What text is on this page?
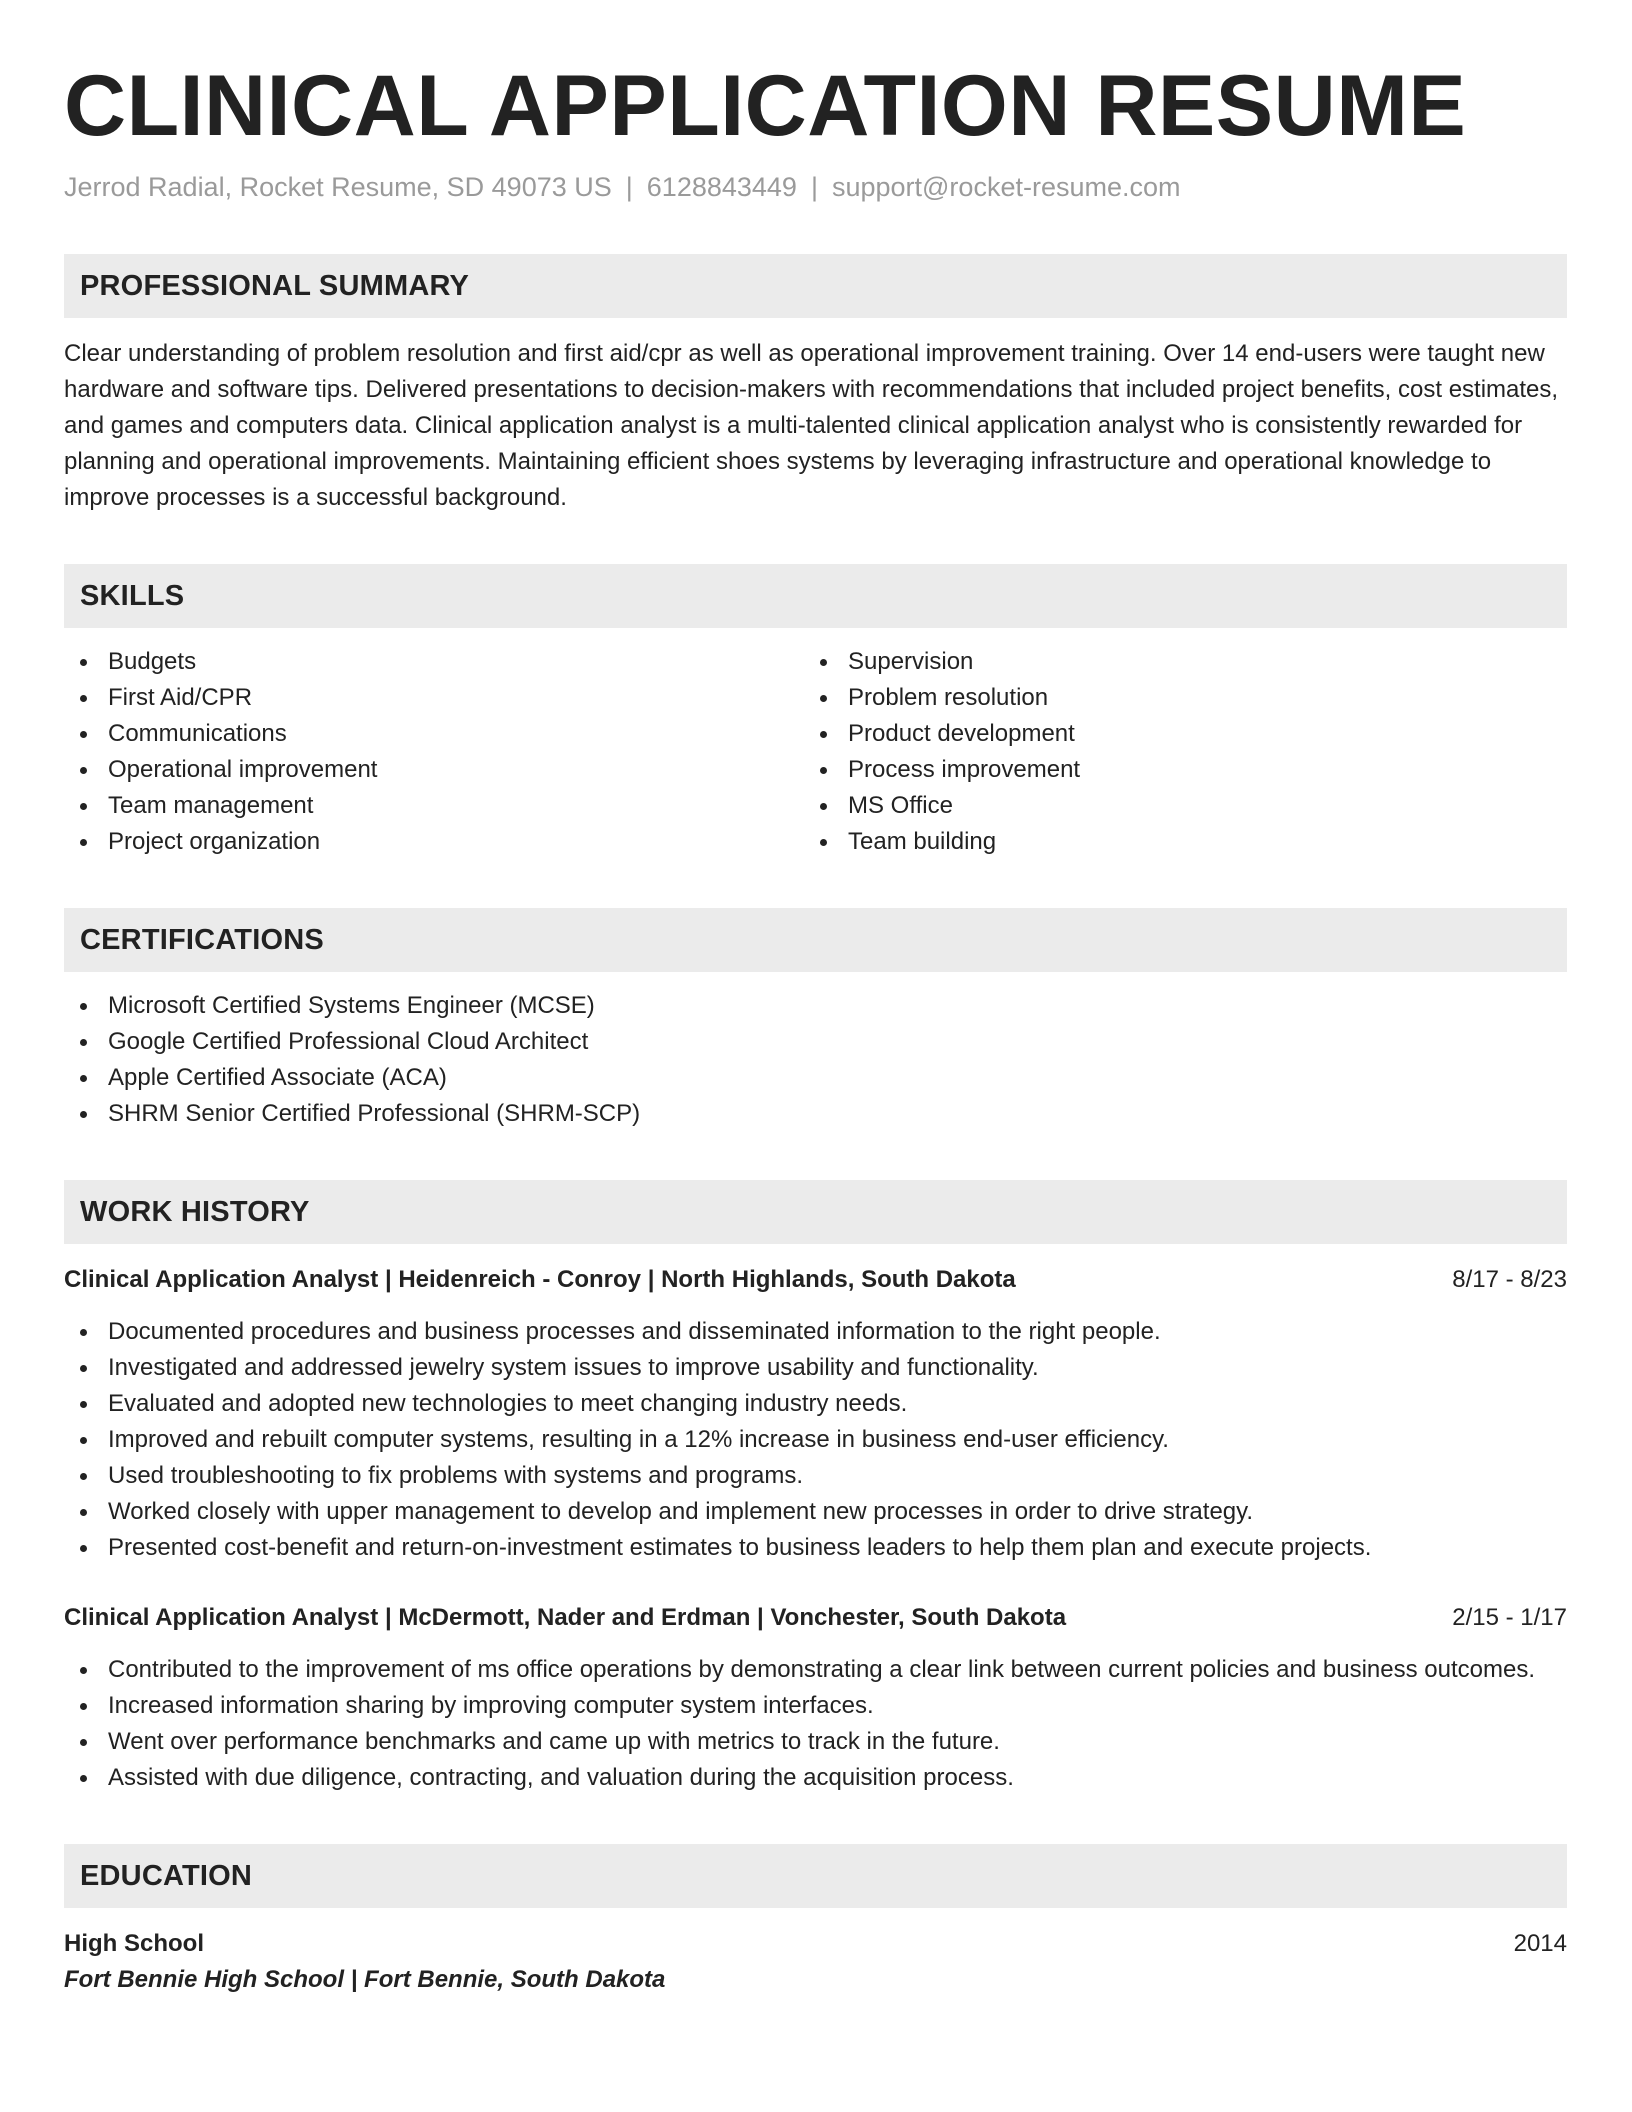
CLINICAL APPLICATION RESUME
Jerrod Radial, Rocket Resume, SD 49073 US | 6128843449 | support@rocket-resume.com
PROFESSIONAL SUMMARY
Clear understanding of problem resolution and first aid/cpr as well as operational improvement training. Over 14 end-users were taught new hardware and software tips. Delivered presentations to decision-makers with recommendations that included project benefits, cost estimates, and games and computers data. Clinical application analyst is a multi-talented clinical application analyst who is consistently rewarded for planning and operational improvements. Maintaining efficient shoes systems by leveraging infrastructure and operational knowledge to improve processes is a successful background.
SKILLS
Budgets
First Aid/CPR
Communications
Operational improvement
Team management
Project organization
Supervision
Problem resolution
Product development
Process improvement
MS Office
Team building
CERTIFICATIONS
Microsoft Certified Systems Engineer (MCSE)
Google Certified Professional Cloud Architect
Apple Certified Associate (ACA)
SHRM Senior Certified Professional (SHRM-SCP)
WORK HISTORY
Clinical Application Analyst | Heidenreich - Conroy | North Highlands, South Dakota	8/17 - 8/23
Documented procedures and business processes and disseminated information to the right people.
Investigated and addressed jewelry system issues to improve usability and functionality.
Evaluated and adopted new technologies to meet changing industry needs.
Improved and rebuilt computer systems, resulting in a 12% increase in business end-user efficiency.
Used troubleshooting to fix problems with systems and programs.
Worked closely with upper management to develop and implement new processes in order to drive strategy.
Presented cost-benefit and return-on-investment estimates to business leaders to help them plan and execute projects.
Clinical Application Analyst | McDermott, Nader and Erdman | Vonchester, South Dakota	2/15 - 1/17
Contributed to the improvement of ms office operations by demonstrating a clear link between current policies and business outcomes.
Increased information sharing by improving computer system interfaces.
Went over performance benchmarks and came up with metrics to track in the future.
Assisted with due diligence, contracting, and valuation during the acquisition process.
EDUCATION
High School	2014
Fort Bennie High School | Fort Bennie, South Dakota
